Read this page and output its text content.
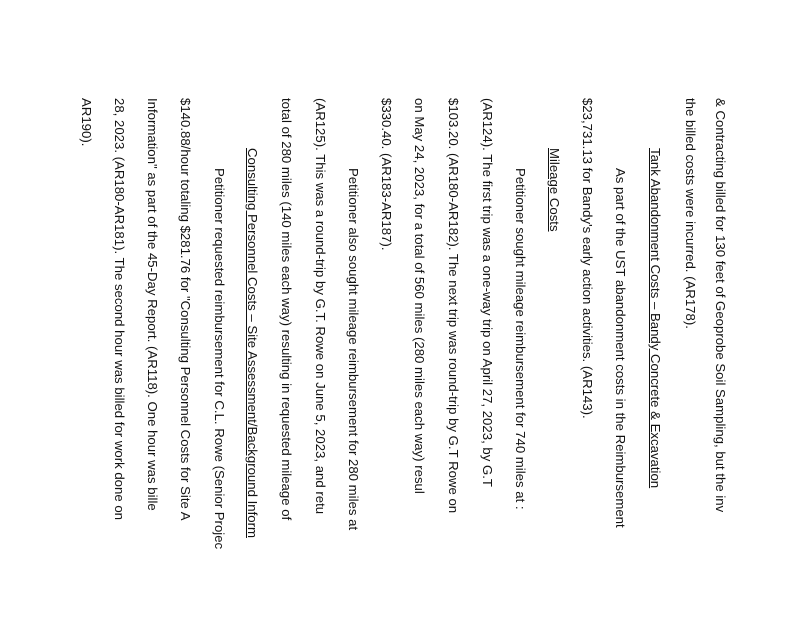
& Contracting billed for 130 feet of Geoprobe Soil Sampling, but the inv
the billed costs were incurred. (AR178).
Tank Abandonment Costs – Bandy Concrete & Excavation
As part of the UST abandonment costs in the Reimbursement
$23,731.13 for Bandy's early action activities. (AR143).
Mileage Costs
Petitioner sought mileage reimbursement for 740 miles at :
(AR124). The first trip was a one-way trip on April 27, 2023, by G.T
$103.20. (AR180-AR182). The next trip was round-trip by G.T Rowe on
on May 24, 2023, for a total of 560 miles (280 miles each way) resul
$330.40. (AR183-AR187).
Petitioner also sought mileage reimbursement for 280 miles at
(AR125). This was a round-trip by G.T. Rowe on June 5, 2023, and retu
total of 280 miles (140 miles each way) resulting in requested mileage of
Consulting Personnel Costs – Site Assessment/Background Inform
Petitioner requested reimbursement for C.L. Rowe (Senior Projec
$140.88/hour totaling $281.76 for "Consulting Personnel Costs for Site A
Information" as part of the 45-Day Report. (AR118). One hour was bille
28, 2023. (AR180-AR181). The second hour was billed for work done on
AR190).
